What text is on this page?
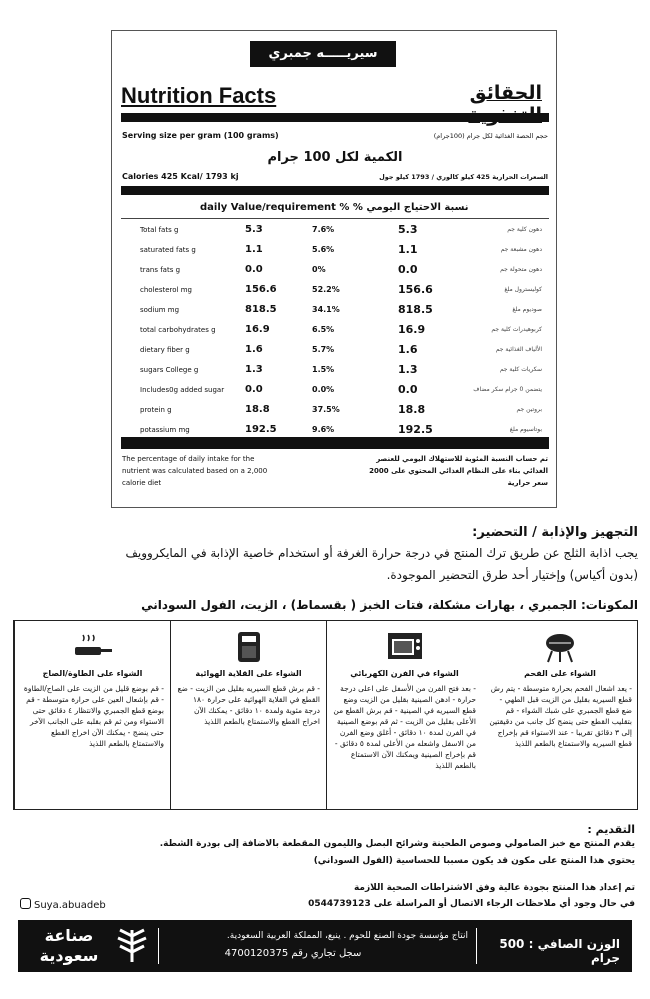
سيريـــــه جمبري
Nutrition Facts	الحقائق
Serving size per gram (100 grams)	حجم الحصة الغذائية لكل جرام (100جرام)
الكمية لكل 100 جرام
Calories 425 Kcal/ 1793 kj	السعرات الحرارية 425 كيلو كالوري / 1793 كيلو جول
daily Value/requirement % % نسبة الاحتياج اليومي
Total fats g	5.3	7.6%	5.3	دهون كلية جم
saturated fats g	1.1	5.6%	1.1	دهون مشبعة جم
trans fats g	0.0	0%	0.0	دهون متحولة جم
cholesterol mg	156.6	52.2%	156.6	كوليسترول ملغ
sodium mg	818.5	34.1%	818.5	صوديوم ملغ
total carbohydrates g	16.9	6.5%	16.9	كربوهيدرات كلية جم
dietary fiber g	1.6	5.7%	1.6	الألياف الغذائية جم
sugars College g	1.3	1.5%	1.3	سكريات كلية جم
Includes0g added sugar 0.0	0.0%	0.0	يتضمن 0 جرام سكر مضاف
protein g	18.8	37.5%	18.8	بروتين جم
potassium mg	192.5	9.6%	192.5	بوتاسيوم ملغ
The percentage of daily intake for the nutrient was calculated based on a 2,000 calorie diet
تم حساب النسبة المئوية للاستهلاك اليومي للعنصر الغذائي بناء على النظام الغذائي المحتوي على 2000 سعر حرارية
التجهيز والإذابة / التحضير:
يجب اذابة الثلج عن طريق ترك المنتج في درجة حرارة الغرفة أو استخدام خاصية الإذابة في المايكروويف
(بدون أكياس) وإختيار أحد طرق التحضير الموجودة.
المكونات: الجمبري ، بهارات مشكلة، فتات الخبز ( بقسماط) ، الزيت، الفول السوداني
الشواء على الفحم
- يعد اشعال الفحم بحرارة متوسطة - يتم رش قطع السيريه بقليل من الزيت قبل الطهي - ضع قطع الجمبري على شبك الشواء - قم بتقليب القطع حتى ينضج كل جانب من دقيقتين إلى ٣ دقائق تقريبا - عند الاستواء قم بإخراج قطع السيريه والاستمتاع بالطعم اللذيذ
الشواء في الفرن الكهربائي
- بعد فتح الفرن من الأسفل على اعلى درجة حرارة - ادهن الصينية بقليل من الزيت وضع قطع السيريه في الصينية - قم برش القطع من الأعلى بقليل من الزيت - ثم قم بوضع الصينية في الفرن لمدة ١٠ دقائق - أغلق وضع الفرن من الاسفل واشعله من الأعلى لمدة ٥ دقائق - قم بإخراج الصينية ويمكنك الآن الاستمتاع بالطعم اللذيذ
الشواء على القلاية الهوائية
- قم برش قطع السيريه بقليل من الزيت - ضع القطع في القلاية الهوائية على حرارة ١٨٠ درجة مئوية ولمدة ١٠ دقائق - يمكنك الآن اخراج القطع والاستمتاع بالطعم اللذيذ
الشواء على الطاوة/الصاج
- قم بوضع قليل من الزيت على الصاج/الطاوة - قم بإشعال العين على حرارة متوسطة - قم بوضع قطع الجمبري والانتظار ٤ دقائق حتى الاستواء ومن ثم قم بقلبه على الجانب الآخر حتى ينضج - يمكنك الآن اخراج القطع والاستمتاع بالطعم اللذيذ
التقديم :
يقدم المنتج مع خبز الصامولي وصوص الطحينة وشرائح البصل والليمون المقطعة بالاضافة إلى بودرة الشطة.
يحتوي هذا المنتج على مكون قد يكون مسببا للحساسية (الفول السوداني)
تم إعداد هذا المنتج بجودة عالية وفق الاشتراطات الصحية اللازمة
في حال وجود أي ملاحظات الرجاء الاتصال أو المراسلة على 0544739123
Suya.abuadeb
الوزن الصافي : 500 جرام
انتاج مؤسسة جودة الصنع للحوم . ينبع، المملكة العربية السعودية.
سجل تجاري رقم 4700120375
صناعة
سعودية
